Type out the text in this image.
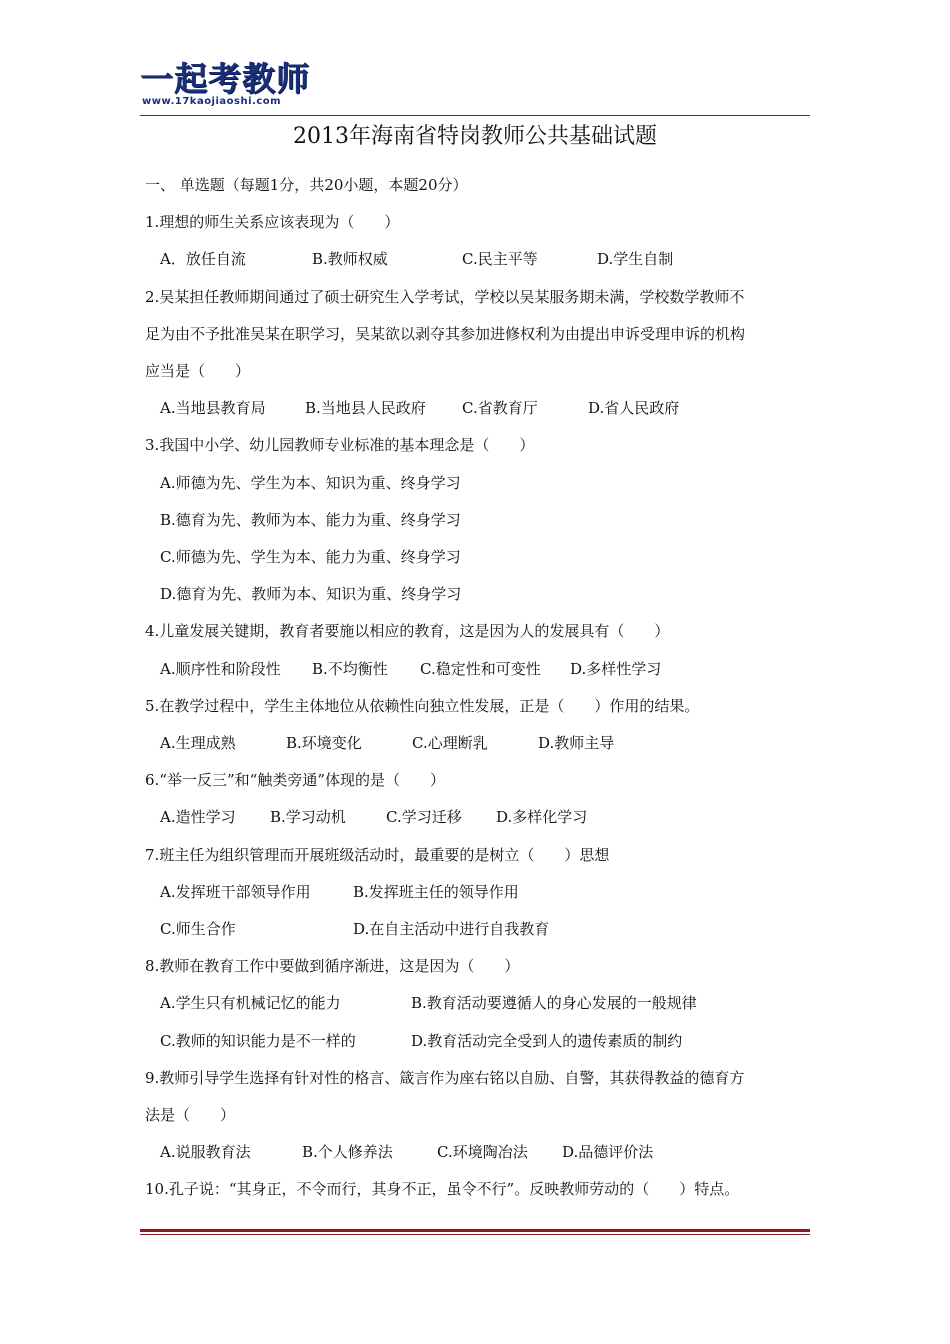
一起考教师
www.17kaojiaoshi.com
2013年海南省特岗教师公共基础试题
一、 单选题（每题1分，共20小题，本题20分）
1.理想的师生关系应该表现为（　　）
A．放任自流	B.教师权威	C.民主平等	D.学生自制
2.吴某担任教师期间通过了硕士研究生入学考试，学校以吴某服务期未满，学校数学教师不
足为由不予批准吴某在职学习，吴某欲以剥夺其参加进修权利为由提出申诉受理申诉的机构
应当是（　　）
A.当地县教育局	B.当地县人民政府 C.省教育厅	D.省人民政府
3.我国中小学、幼儿园教师专业标准的基本理念是（　　）
A.师德为先、学生为本、知识为重、终身学习
B.德育为先、教师为本、能力为重、终身学习
C.师德为先、学生为本、能力为重、终身学习
D.德育为先、教师为本、知识为重、终身学习
4.儿童发展关键期，教育者要施以相应的教育，这是因为人的发展具有（　　）
A.顺序性和阶段性 B.不均衡性 C.稳定性和可变性 D.多样性学习
5.在教学过程中，学生主体地位从依赖性向独立性发展，正是（　　）作用的结果。
A.生理成熟	B.环境变化	C.心理断乳	D.教师主导
6.“举一反三”和“触类旁通”体现的是（　　）
A.造性学习 B.学习动机	C.学习迁移 D.多样化学习
7.班主任为组织管理而开展班级活动时，最重要的是树立（　　）思想
A.发挥班干部领导作用	B.发挥班主任的领导作用
C.师生合作	D.在自主活动中进行自我教育
8.教师在教育工作中要做到循序渐进，这是因为（　　）
A.学生只有机械记忆的能力	B.教育活动要遵循人的身心发展的一般规律
C.教师的知识能力是不一样的	D.教育活动完全受到人的遗传素质的制约
9.教师引导学生选择有针对性的格言、箴言作为座右铭以自励、自警，其获得教益的德育方
法是（　　）
A.说服教育法	B.个人修养法	C.环境陶冶法 D.品德评价法
10.孔子说：“其身正，不令而行，其身不正，虽令不行”。反映教师劳动的（　　）特点。
